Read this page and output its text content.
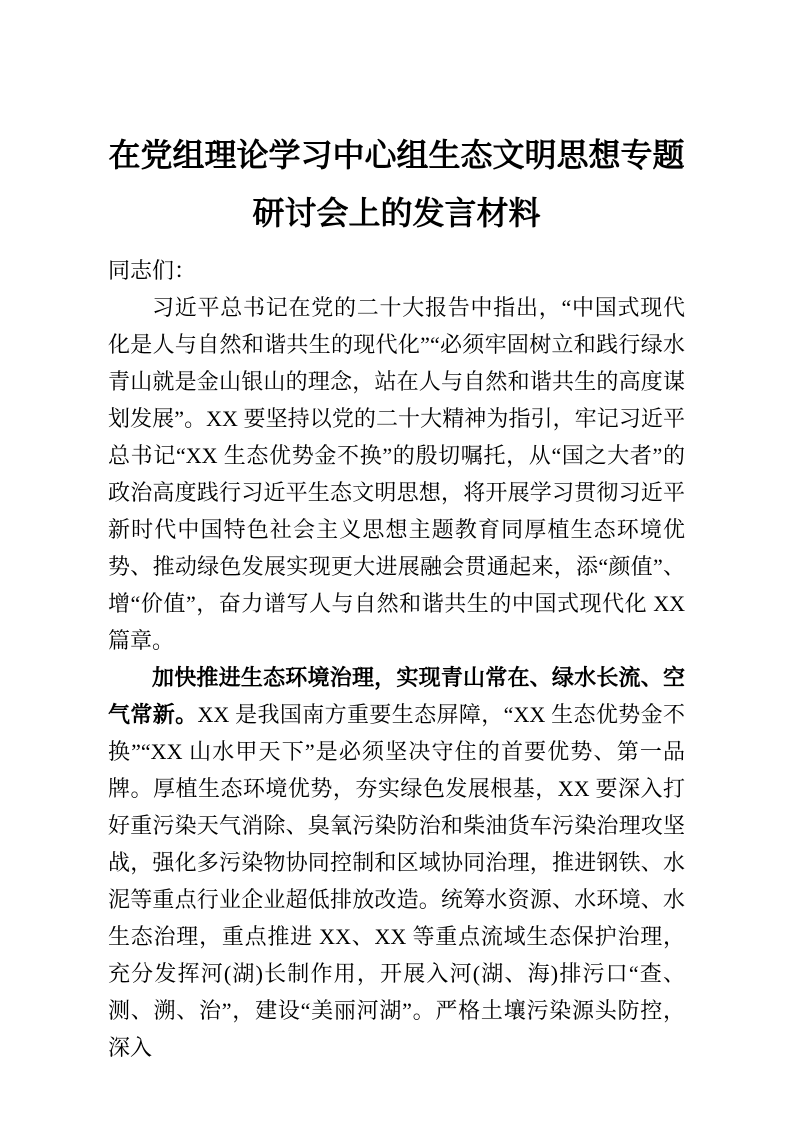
在党组理论学习中心组生态文明思想专题研讨会上的发言材料

同志们：

习近平总书记在党的二十大报告中指出，“中国式现代化是人与自然和谐共生的现代化”“必须牢固树立和践行绿水青山就是金山银山的理念，站在人与自然和谐共生的高度谋划发展”。XX 要坚持以党的二十大精神为指引，牢记习近平总书记“XX 生态优势金不换”的殷切嘱托，从“国之大者”的政治高度践行习近平生态文明思想，将开展学习贯彻习近平新时代中国特色社会主义思想主题教育同厚植生态环境优势、推动绿色发展实现更大进展融会贯通起来，添“颜值”、增“价值”，奋力谱写人与自然和谐共生的中国式现代化 XX 篇章。

加快推进生态环境治理，实现青山常在、绿水长流、空气常新。XX 是我国南方重要生态屏障，“XX 生态优势金不换”“XX 山水甲天下”是必须坚决守住的首要优势、第一品牌。厚植生态环境优势，夯实绿色发展根基，XX 要深入打好重污染天气消除、臭氧污染防治和柴油货车污染治理攻坚战，强化多污染物协同控制和区域协同治理，推进钢铁、水泥等重点行业企业超低排放改造。统筹水资源、水环境、水生态治理，重点推进 XX、XX 等重点流域生态保护治理，充分发挥河(湖)长制作用，开展入河(湖、海)排污口“查、测、溯、治”，建设“美丽河湖”。严格土壤污染源头防控，深入
